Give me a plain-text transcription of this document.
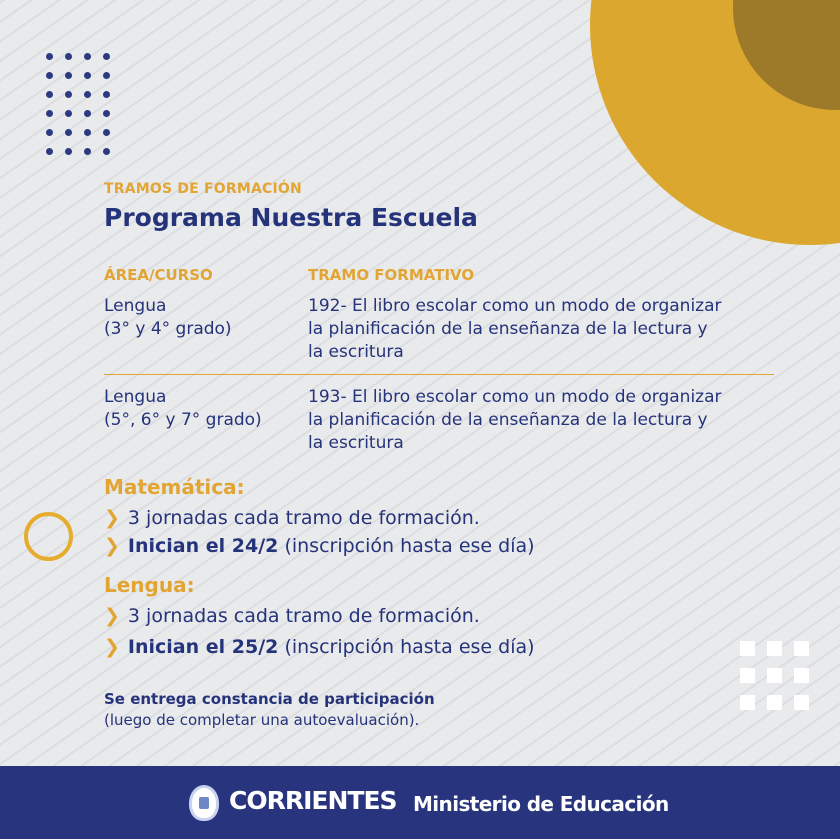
TRAMOS DE FORMACIÓN
Programa Nuestra Escuela
ÁREA/CURSO	TRAMO FORMATIVO
Lengua
(3° y 4° grado)
192- El libro escolar como un modo de organizar
la planificación de la enseñanza de la lectura y
la escritura
Lengua
(5°, 6° y 7° grado)
193- El libro escolar como un modo de organizar
la planificación de la enseñanza de la lectura y
la escritura
Matemática:
❯ 3 jornadas cada tramo de formación.
❯ Inician el 24/2 (inscripción hasta ese día)
Lengua:
❯ 3 jornadas cada tramo de formación.
❯ Inician el 25/2 (inscripción hasta ese día)
Se entrega constancia de participación
(luego de completar una autoevaluación).
CORRIENTES Ministerio de Educación
